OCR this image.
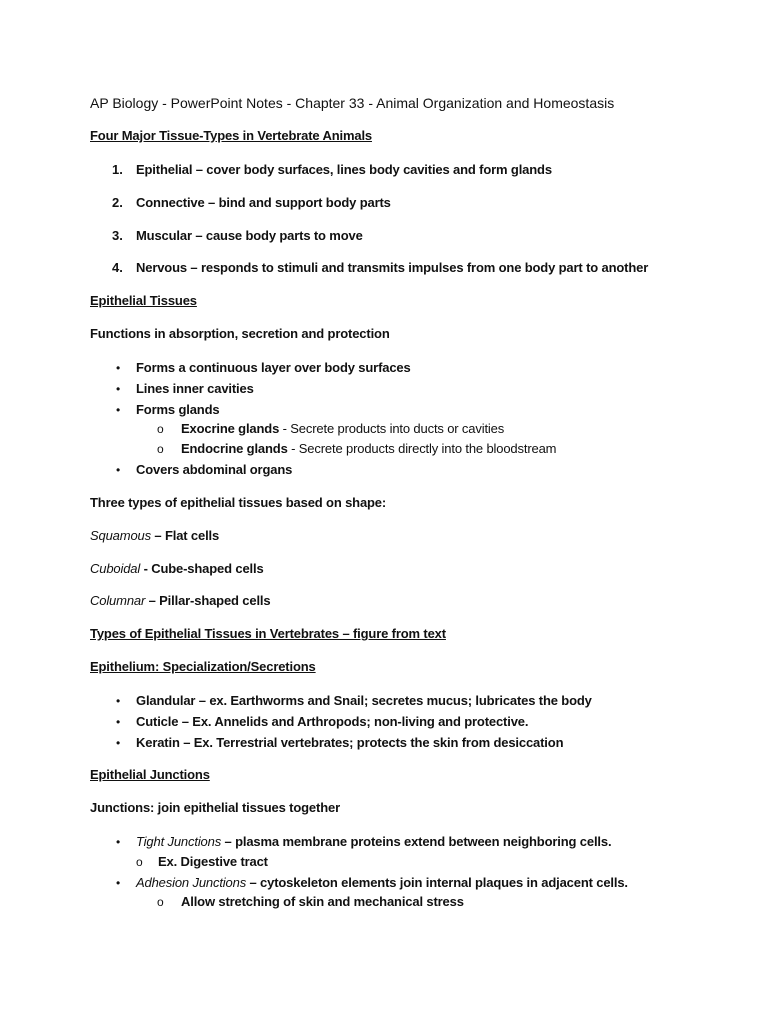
AP Biology - PowerPoint Notes - Chapter 33 - Animal Organization and Homeostasis

Four Major Tissue-Types in Vertebrate Animals

1. Epithelial – cover body surfaces, lines body cavities and form glands

2. Connective – bind and support body parts

3. Muscular – cause body parts to move

4. Nervous – responds to stimuli and transmits impulses from one body part to another

Epithelial Tissues

Functions in absorption, secretion and protection

• Forms a continuous layer over body surfaces

• Lines inner cavities

• Forms glands

o Exocrine glands - Secrete products into ducts or cavities

o Endocrine glands - Secrete products directly into the bloodstream

• Covers abdominal organs

Three types of epithelial tissues based on shape:

Squamous – Flat cells

Cuboidal - Cube-shaped cells

Columnar – Pillar-shaped cells

Types of Epithelial Tissues in Vertebrates – figure from text

Epithelium: Specialization/Secretions

• Glandular – ex. Earthworms and Snail; secretes mucus; lubricates the body

• Cuticle – Ex. Annelids and Arthropods; non-living and protective.

• Keratin – Ex. Terrestrial vertebrates; protects the skin from desiccation

Epithelial Junctions

Junctions: join epithelial tissues together

• Tight Junctions – plasma membrane proteins extend between neighboring cells.

o Ex. Digestive tract

• Adhesion Junctions – cytoskeleton elements join internal plaques in adjacent cells.

o Allow stretching of skin and mechanical stress
